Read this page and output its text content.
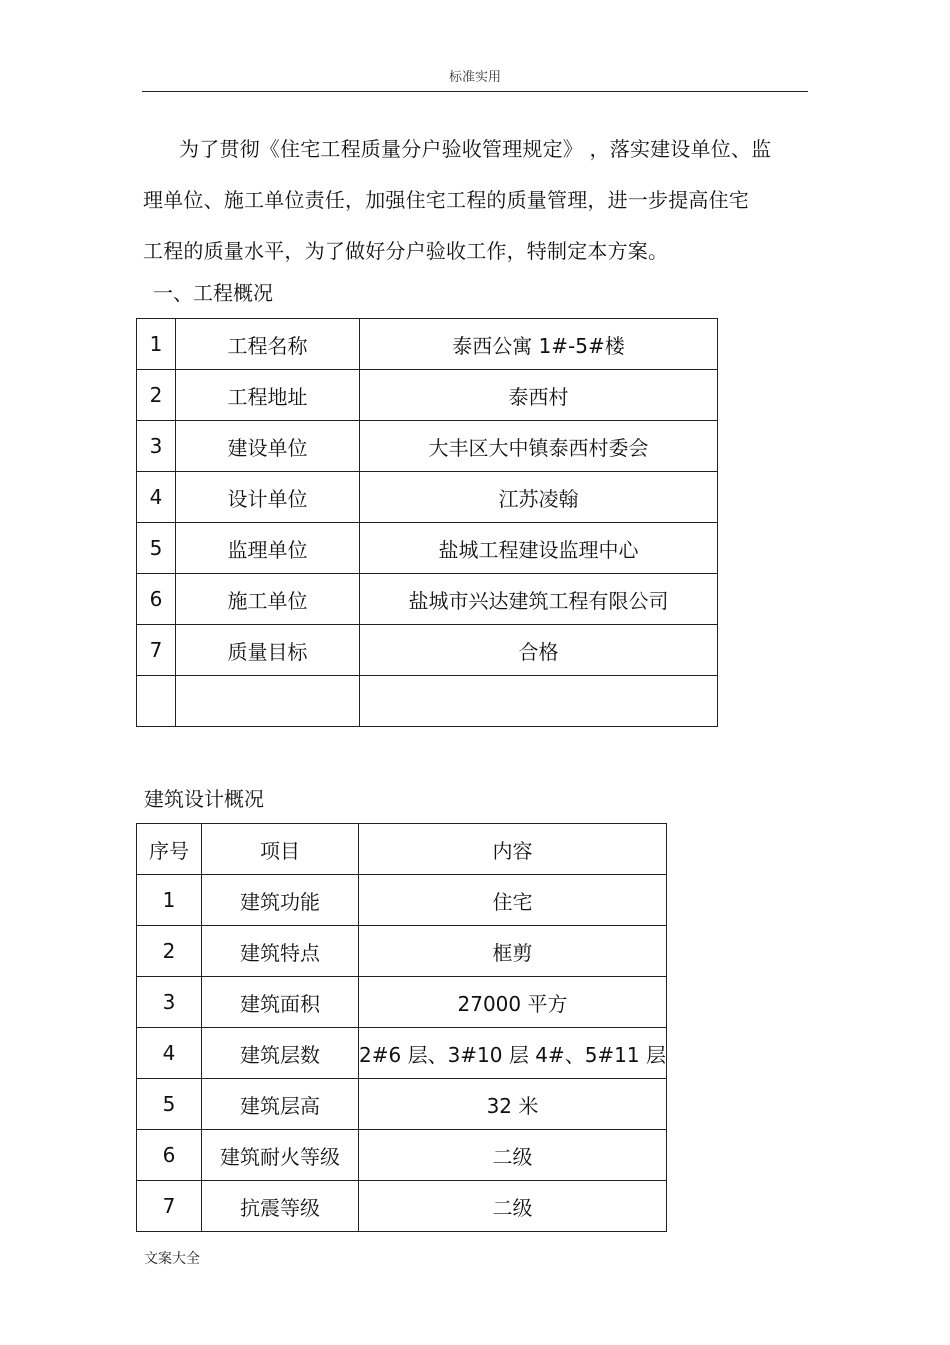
标准实用
为了贯彻《住宅工程质量分户验收管理规定》 ，落实建设单位、监
理单位、施工单位责任，加强住宅工程的质量管理，进一步提高住宅
工程的质量水平，为了做好分户验收工作，特制定本方案。
一、工程概况
1	工程名称	泰西公寓 1#-5#楼
2	工程地址	泰西村
3	建设单位	大丰区大中镇泰西村委会
4	设计单位	江苏凌翰
5	监理单位	盐城工程建设监理中心
6	施工单位	盐城市兴达建筑工程有限公司
7	质量目标	合格

建筑设计概况
序号	项目	内容
1	建筑功能	住宅
2	建筑特点	框剪
3	建筑面积	27000 平方
4	建筑层数	2#6 层、3#10 层 4#、5#11 层
5	建筑层高	32 米
6	建筑耐火等级	二级
7	抗震等级	二级
文案大全
